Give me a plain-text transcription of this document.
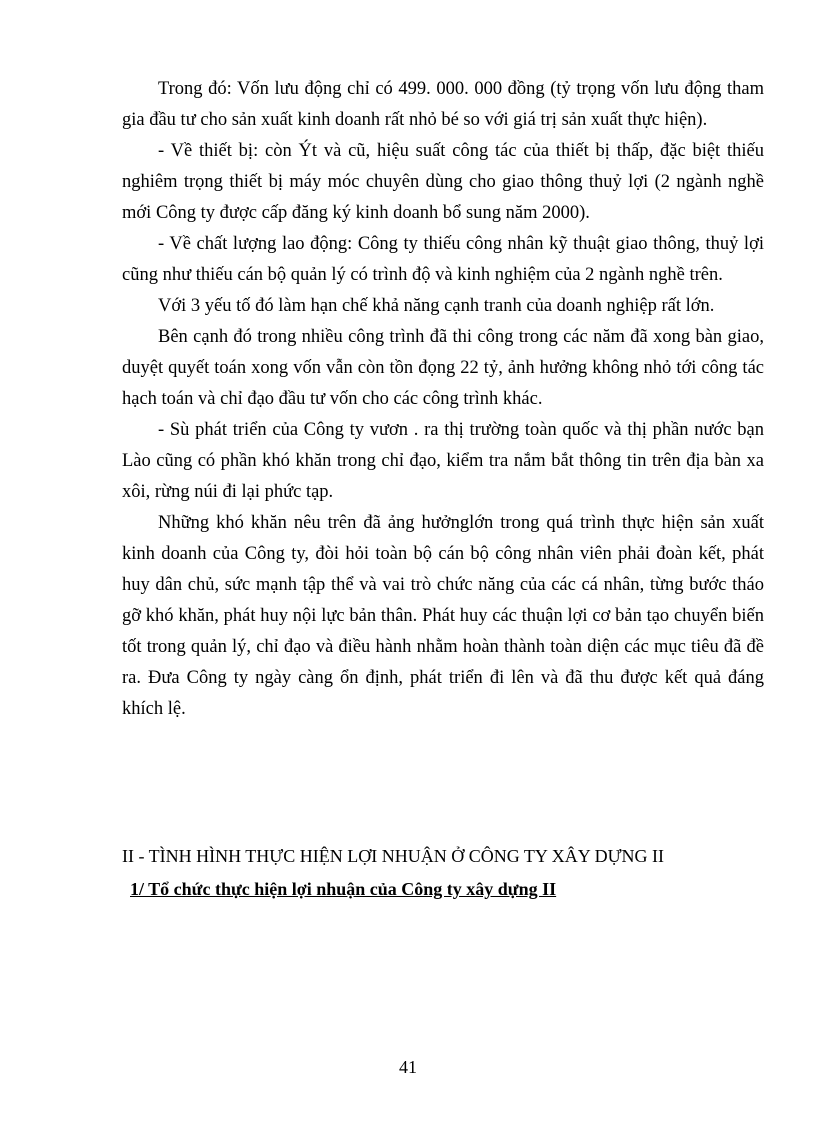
Trong đó: Vốn lưu động chỉ có 499. 000. 000 đồng (tỷ trọng vốn lưu động tham gia đầu tư cho sản xuất kinh doanh rất nhỏ bé so với giá trị sản xuất thực hiện).

- Về thiết bị: còn Ýt và cũ, hiệu suất công tác của thiết bị thấp, đặc biệt thiếu nghiêm trọng thiết bị máy móc chuyên dùng cho giao thông thuỷ lợi (2 ngành nghề mới Công ty được cấp đăng ký kinh doanh bổ sung năm 2000).

- Về chất lượng lao động: Công ty thiếu công nhân kỹ thuật giao thông, thuỷ lợi cũng như thiếu cán bộ quản lý có trình độ và kinh nghiệm của 2 ngành nghề trên.

Với 3 yếu tố đó làm hạn chế khả năng cạnh tranh của doanh nghiệp rất lớn.

Bên cạnh đó trong nhiều công trình đã thi công trong các năm đã xong bàn giao, duyệt quyết toán xong vốn vẫn còn tồn đọng 22 tỷ, ảnh hưởng không nhỏ tới công tác hạch toán và chỉ đạo đầu tư vốn cho các công trình khác.

- Sù phát triển của Công ty vươn . ra thị trường toàn quốc và thị phần nước bạn Lào cũng có phần khó khăn trong chỉ đạo, kiểm tra nắm bắt thông tin trên địa bàn xa xôi, rừng núi đi lại phức tạp.

Những khó khăn nêu trên đã ảng hưởnglớn trong quá trình thực hiện sản xuất kinh doanh của Công ty, đòi hỏi toàn bộ cán bộ công nhân viên phải đoàn kết, phát huy dân chủ, sức mạnh tập thể và vai trò chức năng của các cá nhân, từng bước tháo gỡ khó khăn, phát huy nội lực bản thân. Phát huy các thuận lợi cơ bản tạo chuyển biến tốt trong quản lý, chỉ đạo và điều hành nhằm hoàn thành toàn diện các mục tiêu đã đề ra. Đưa Công ty ngày càng ổn định, phát triển đi lên và đã thu được kết quả đáng khích lệ.

II - TÌNH HÌNH THỰC HIỆN LỢI NHUẬN Ở CÔNG TY XÂY DỰNG II

1/ Tổ chức thực hiện lợi nhuận của Công ty xây dựng II

41
